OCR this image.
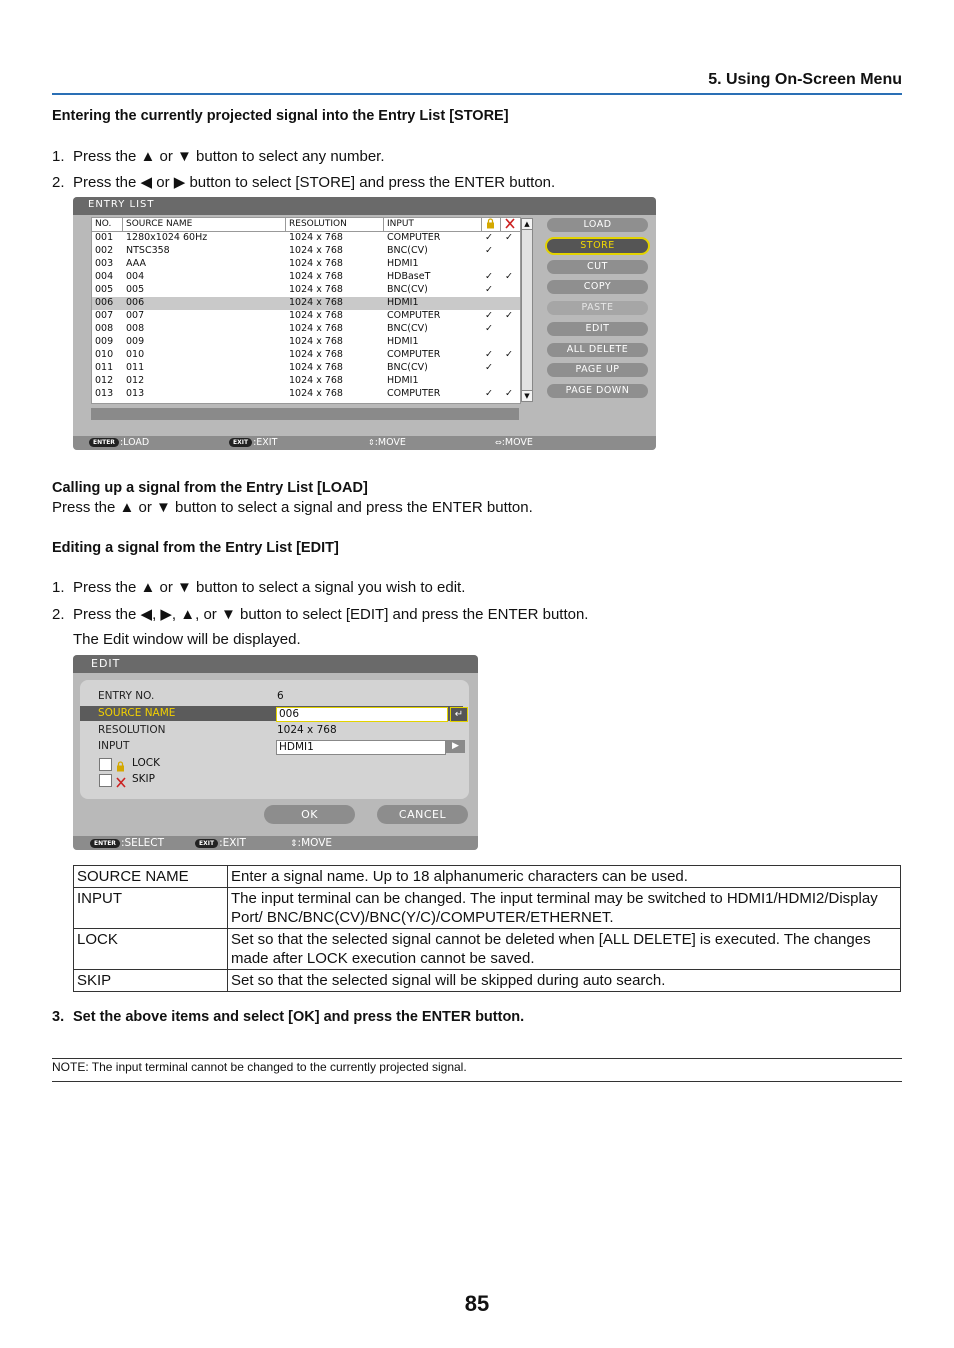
5. Using On-Screen Menu
Entering the currently projected signal into the Entry List [STORE]
1. Press the ▲ or ▼ button to select any number.
2. Press the ◀ or ▶ button to select [STORE] and press the ENTER button.
ENTRY LIST
NO. SOURCE NAME	RESOLUTION	INPUT
001 1280x1024 60Hz	1024 x 768	COMPUTER	✓ ✓
002 NTSC358	1024 x 768	BNC(CV)	✓
003 AAA	1024 x 768	HDMI1
004 004	1024 x 768	HDBaseT	✓ ✓
005 005	1024 x 768	BNC(CV)	✓
006 006	1024 x 768	HDMI1
007 007	1024 x 768	COMPUTER	✓ ✓
008 008	1024 x 768	BNC(CV)	✓
009 009	1024 x 768	HDMI1
010 010	1024 x 768	COMPUTER	✓ ✓
011 011	1024 x 768	BNC(CV)	✓
012 012	1024 x 768	HDMI1
013 013	1024 x 768	COMPUTER	✓ ✓
▲
▼
LOAD
STORE
CUT
COPY
PASTE
EDIT
ALL DELETE
PAGE UP
PAGE DOWN
ENTER :LOAD	EXIT :EXIT	⇕:MOVE	⇔:MOVE
Calling up a signal from the Entry List [LOAD]
Press the ▲ or ▼ button to select a signal and press the ENTER button.
Editing a signal from the Entry List [EDIT]
1. Press the ▲ or ▼ button to select a signal you wish to edit.
2. Press the ◀, ▶, ▲, or ▼ button to select [EDIT] and press the ENTER button.
The Edit window will be displayed.
EDIT
ENTRY NO.	6
SOURCE NAME	006	↵
RESOLUTION	1024 x 768
INPUT	HDMI1	▶
LOCK
SKIP
OK	CANCEL
ENTER :SELECT	EXIT :EXIT	⇕:MOVE
SOURCE NAME	Enter a signal name. Up to 18 alphanumeric characters can be used.
INPUT	The input terminal can be changed. The input terminal may be switched to HDMI1/HDMI2/Display Port/ BNC/BNC(CV)/BNC(Y/C)/COMPUTER/ETHERNET.
LOCK	Set so that the selected signal cannot be deleted when [ALL DELETE] is executed. The changes made after LOCK execution cannot be saved.
SKIP	Set so that the selected signal will be skipped during auto search.
3. Set the above items and select [OK] and press the ENTER button.
NOTE: The input terminal cannot be changed to the currently projected signal.
85
